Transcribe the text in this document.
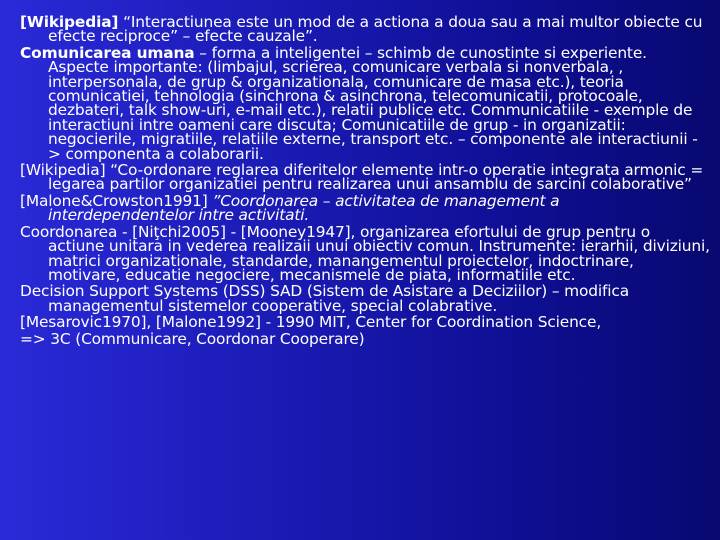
[Wikipedia] “Interactiunea este un mod de a actiona a doua sau a mai multor obiecte cu efecte reciproce” – efecte cauzale”.

Comunicarea umana – forma a inteligentei – schimb de cunostinte si experiente. Aspecte importante: (limbajul, scrierea, comunicare verbala si nonverbala, , interpersonala, de grup & organizationala, comunicare de masa etc.), teoria comunicatiei, tehnologia (sinchrona & asinchrona, telecomunicatii, protocoale, dezbateri, talk show-uri, e-mail etc.), relatii publice etc. Communicatiile - exemple de interactiuni intre oameni care discuta; Comunicatiile de grup - in organizatii: negocierile, migratiile, relatiile externe, transport etc. – componente ale interactiunii -> componenta a colaborarii.

[Wikipedia] “Co-ordonare reglarea diferitelor elemente intr-o operatie integrata armonic = legarea partilor organizatiei pentru realizarea unui ansamblu de sarcini colaborative”

[Malone&Crowston1991] ”Coordonarea – activitatea de management a interdependentelor intre activitati.

Coordonarea - [Niţchi2005] - [Mooney1947], organizarea efortului de grup pentru o actiune unitara in vederea realizaii unui obiectiv comun. Instrumente: ierarhii, diviziuni, matrici organizationale, standarde, manangementul proiectelor, indoctrinare, motivare, educatie negociere, mecanismele de piata, informatiile etc.

Decision Support Systems (DSS) SAD (Sistem de Asistare a Deciziilor) – modifica managementul sistemelor cooperative, special colabrative.

[Mesarovic1970], [Malone1992] - 1990 MIT, Center for Coordination Science,

=> 3C (Communicare, Coordonar Cooperare)
